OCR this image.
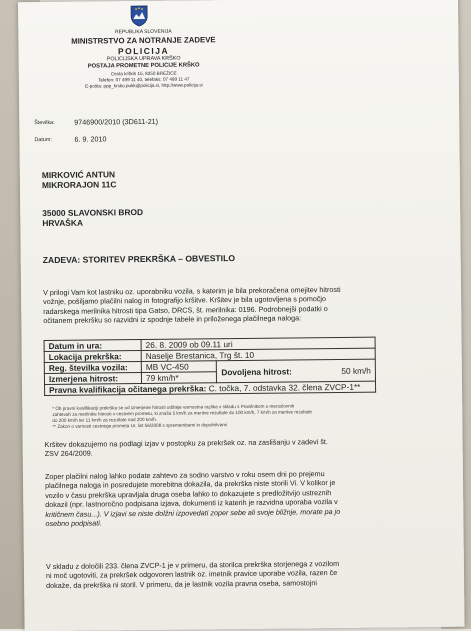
REPUBLIKA SLOVENIJA
MINISTRSTVO ZA NOTRANJE ZADEVE
POLICIJA
POLICIJSKA UPRAVA KRŠKO
POSTAJA PROMETNE POLICIJE KRŠKO
Cesta krških 15, 8250 BREŽICE
Telefon: 07 499 11 40, telefaks: 07 499 11 47
E-pošta: ppp_krsko.pukk@policija.si, http://www.policija.si
Številka:	9746900/2010 (3D611-21)
Datum:	6. 9. 2010
MIRKOVIĆ ANTUN
MIKRORAJON 11C
35000 SLAVONSKI BROD
HRVAŠKA
ZADEVA: STORITEV PREKRŠKA – OBVESTILO
V prilogi Vam kot lastniku oz. uporabniku vozila, s katerim je bila prekoračena omejitev hitrosti
vožnje, pošiljamo plačilni nalog in fotografijo kršitve. Kršitev je bila ugotovljena s pomočjo
radarskega merilnika hitrosti tipa Gatso, DRCS, št. merilnika: 0196. Podrobnejši podatki o
očitanem prekršku so razvidni iz spodnje tabele in priloženega plačilnega naloga:
Datum in ura:	26. 8. 2009 ob 09.11 uri	
Lokacija prekrška:	Naselje Brestanica, Trg št. 10	
Reg. številka vozila:	MB VC-450	Dovoljena hitrost: 50 km/h

Izmerjena hitrost:	79 km/h*	
Pravna kvalifikacija očitanega prekrška: C. točka, 7. odstavka 32. člena ZVCP-1**		
* Ob pravni kvalifikaciji prekrška se od izmerjene hitrosti odšteje varnostna razlika v skladu s Pravilnikom o meroslovnih
zahtevah za merilnike hitrosti v cestnem prometu, ki znaša 5 km/h za meritve rezultate do 100 km/h, 7 km/h za meritve rezultate
do 200 km/h ter 11 km/h za rezultate nad 200 km/h.
** Zakon o varnosti cestnega prometa Ur. list 56/2008 s spremembami in dopolnitvami
Kršitev dokazujemo na podlagi izjav v postopku za prekršek oz. na zaslišanju v zadevi št.
ZSV 264/2009.
Zoper plačilni nalog lahko podate zahtevo za sodno varstvo v roku osem dni po prejemu
plačilnega naloga in posredujete morebitna dokazila, da prekrška niste storili Vi. V kolikor je
vozilo v času prekrška upravljala druga oseba lahko to dokazujete s predložitvijo ustreznih
dokazil (npr. lastnoročno podpisana izjava, dokumenti iz katerih je razvidna uporaba vozila v
kritičnem času...). V izjavi se niste dolžni izpovedati zoper sebe ali svoje bližnje, morate pa jo
osebno podpisati.
V skladu z določili 233. člena ZVCP-1 je v primeru, da storilca prekrška storjenega z vozilom
ni moč ugotoviti, za prekršek odgovoren lastnik oz. imetnik pravice uporabe vozila, razen če
dokaže, da prekrška ni storil. V primeru, da je lastnik vozila pravna oseba, samostojni
